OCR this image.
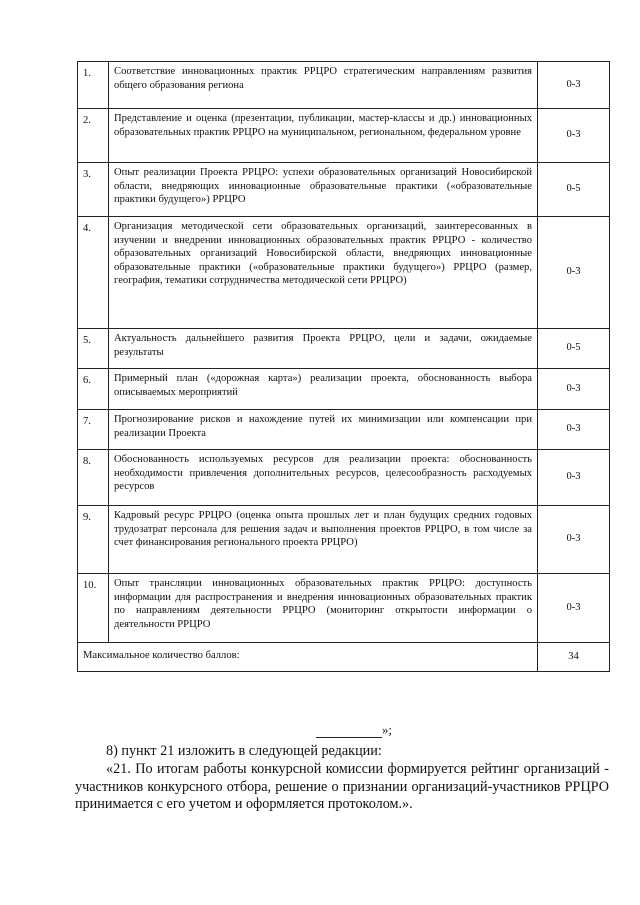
1.	Соответствие инновационных практик РРЦРО стратегическим направлениям развития общего образования региона	0-3
2.	Представление и оценка (презентации, публикации, мастер-классы и др.) инновационных образовательных практик РРЦРО на муниципальном, региональном, федеральном уровне	0-3
3.	Опыт реализации Проекта РРЦРО: успехи образовательных организаций Новосибирской области, внедряющих инновационные образовательные практики («образовательные практики будущего») РРЦРО	0-5
4.	Организация методической сети образовательных организаций, заинтересованных в изучении и внедрении инновационных образовательных практик РРЦРО - количество образовательных организаций Новосибирской области, внедряющих инновационные образовательные практики («образовательные практики будущего») РРЦРО (размер, география, тематики сотрудничества методической сети РРЦРО)	0-3
5.	Актуальность дальнейшего развития Проекта РРЦРО, цели и задачи, ожидаемые результаты	0-5
6.	Примерный план («дорожная карта») реализации проекта, обоснованность выбора описываемых мероприятий	0-3
7.	Прогнозирование рисков и нахождение путей их минимизации или компенсации при реализации Проекта	0-3
8.	Обоснованность используемых ресурсов для реализации проекта: обоснованность необходимости привлечения дополнительных ресурсов, целесообразность расходуемых ресурсов	0-3
9.	Кадровый ресурс РРЦРО (оценка опыта прошлых лет и план будущих средних годовых трудозатрат персонала для решения задач и выполнения проектов РРЦРО, в том числе за счет финансирования регионального проекта РРЦРО)	0-3
10.	Опыт трансляции инновационных образовательных практик РРЦРО: доступность информации для распространения и внедрения инновационных образовательных практик по направлениям деятельности РРЦРО (мониторинг открытости информации о деятельности РРЦРО	0-3
Максимальное количество баллов:		34
»;
8) пункт 21 изложить в следующей редакции:
«21. По итогам работы конкурсной комиссии формируется рейтинг организаций - участников конкурсного отбора, решение о признании организаций-участников РРЦРО принимается с его учетом и оформляется протоколом.».
